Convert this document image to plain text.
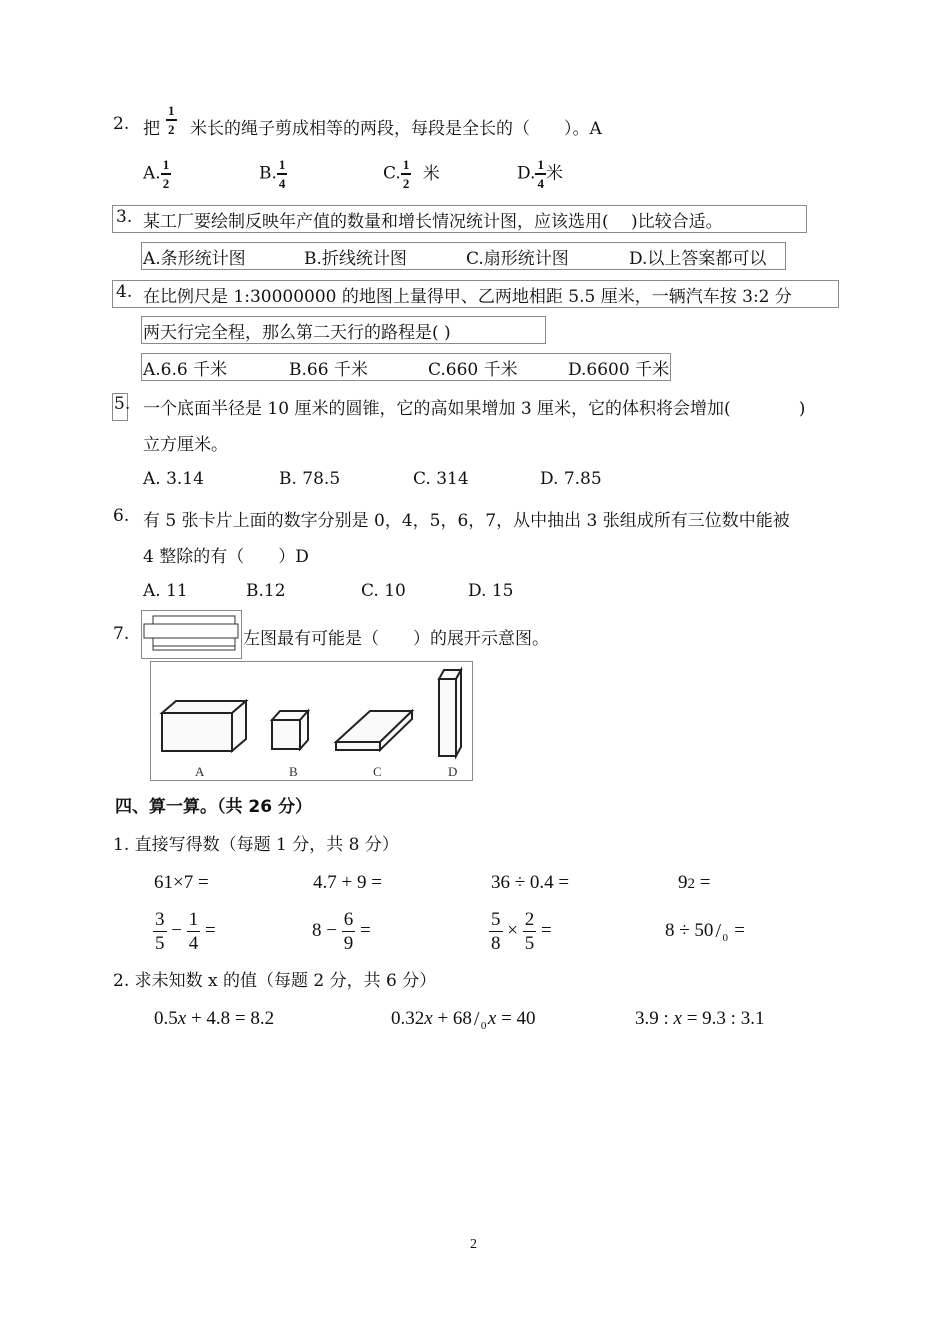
2. 把 $\frac{1}{2}$ 米长的绳子剪成相等的两段，每段是全长的（　　）。A
A. $\frac{1}{2}$	B. $\frac{1}{4}$	C. $\frac{1}{2}$ 米	D. $\frac{1}{4}$ 米
3. 某工厂要绘制反映年产值的数量和增长情况统计图，应该选用(　 )比较合适。
A.条形统计图	B.折线统计图	C.扇形统计图	D.以上答案都可以
4. 在比例尺是 1:30000000 的地图上量得甲、乙两地相距 5.5 厘米，一辆汽车按 3:2 分
两天行完全程，那么第二天行的路程是( )
A.6.6 千米	B.66 千米	C.660 千米	D.6600 千米
5. 一个底面半径是 10 厘米的圆锥，它的高如果增加 3 厘米，它的体积将会增加(　　　　)
立方厘米。
A. 3.14	B. 78.5	C. 314	D. 7.85
6. 有 5 张卡片上面的数字分别是 0，4，5，6，7，从中抽出 3 张组成所有三位数中能被
4 整除的有（　　）D
A. 11	B.12	C. 10	D. 15
7.	左图最有可能是（　　）的展开示意图。
A	B	C	D
四、算一算。（共 26 分）
1. 直接写得数（每题 1 分，共 8 分）
61×7 =	4.7 + 9 =	36 ÷ 0.4 =	92 =
$\frac{3}{5} - \frac{1}{4}$ =	$8 - \frac{6}{9}$ =	$\frac{5}{8} \times \frac{2}{5}$ =	8 ÷ 50 / 0 =
2. 求未知数 x 的值（每题 2 分，共 6 分）
0.5x + 4.8 = 8.2	0.32x + 68 / 0 x = 40	3.9 : x = 9.3 : 3.1
2
